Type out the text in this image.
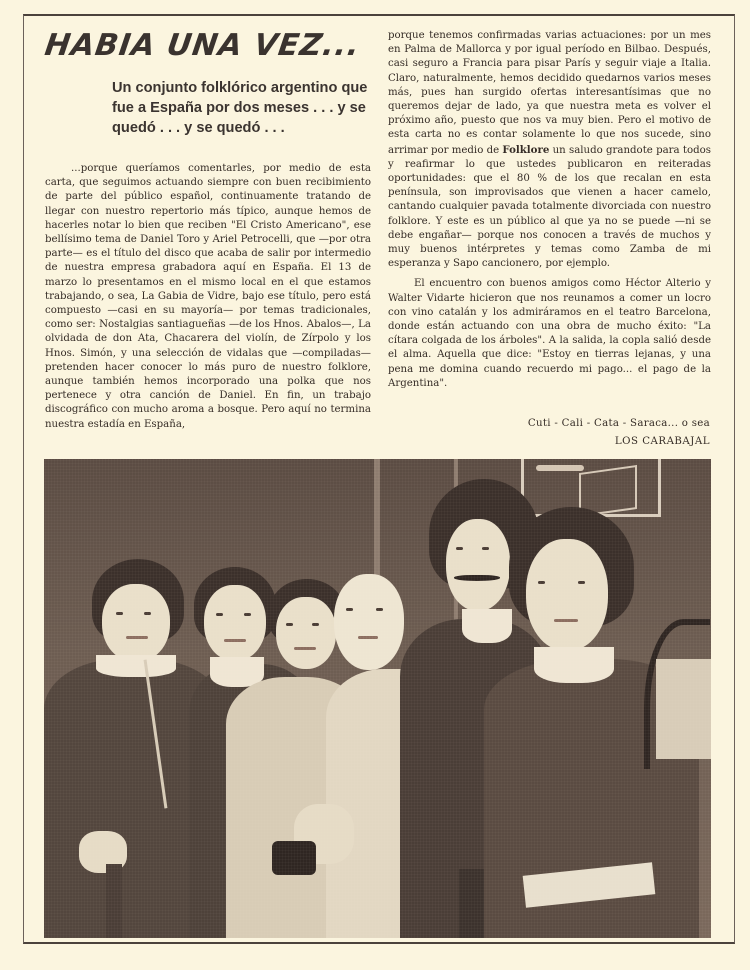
HABIA UNA VEZ...
Un conjunto folklórico argentino que fue a España por dos meses . . . y se quedó . . . y se quedó . . .

...porque queríamos comentarles, por medio de esta carta, que seguimos actuando siempre con buen recibimiento de parte del público español, continuamente tratando de llegar con nuestro repertorio más típico, aunque hemos de hacerles notar lo bien que reciben "El Cristo Americano", ese bellísimo tema de Daniel Toro y Ariel Petrocelli, que —por otra parte— es el título del disco que acaba de salir por intermedio de nuestra empresa grabadora aquí en España. El 13 de marzo lo presentamos en el mismo local en el que estamos trabajando, o sea, La Gabia de Vidre, bajo ese título, pero está compuesto —casi en su mayoría— por temas tradicionales, como ser: Nostalgias santiagueñas —de los Hnos. Abalos—, La olvidada de don Ata, Chacarera del violín, de Zírpolo y los Hnos. Simón, y una selección de vidalas que —compiladas— pretenden hacer conocer lo más puro de nuestro folklore, aunque también hemos incorporado una polka que nos pertenece y otra canción de Daniel. En fin, un trabajo discográfico con mucho aroma a bosque. Pero aquí no termina nuestra estadía en España,

porque tenemos confirmadas varias actuaciones: por un mes en Palma de Mallorca y por igual período en Bilbao. Después, casi seguro a Francia para pisar París y seguir viaje a Italia. Claro, naturalmente, hemos decidido quedarnos varios meses más, pues han surgido ofertas interesantísimas que no queremos dejar de lado, ya que nuestra meta es volver el próximo año, puesto que nos va muy bien. Pero el motivo de esta carta no es contar solamente lo que nos sucede, sino arrimar por medio de Folklore un saludo grandote para todos y reafirmar lo que ustedes publicaron en reiteradas oportunidades: que el 80 % de los que recalan en esta península, son improvisados que vienen a hacer camelo, cantando cualquier pavada totalmente divorciada con nuestro folklore. Y este es un público al que ya no se puede —ni se debe engañar— porque nos conocen a través de muchos y muy buenos intérpretes y temas como Zamba de mi esperanza y Sapo cancionero, por ejemplo.

El encuentro con buenos amigos como Héctor Alterio y Walter Vidarte hicieron que nos reunamos a comer un locro con vino catalán y los admiráramos en el teatro Barcelona, donde están actuando con una obra de mucho éxito: "La cítara colgada de los árboles". A la salida, la copla salió desde el alma. Aquella que dice: "Estoy en tierras lejanas, y una pena me domina cuando recuerdo mi pago... el pago de la Argentina".

Cuti - Cali - Cata - Saraca... o sea
LOS CARABAJAL
